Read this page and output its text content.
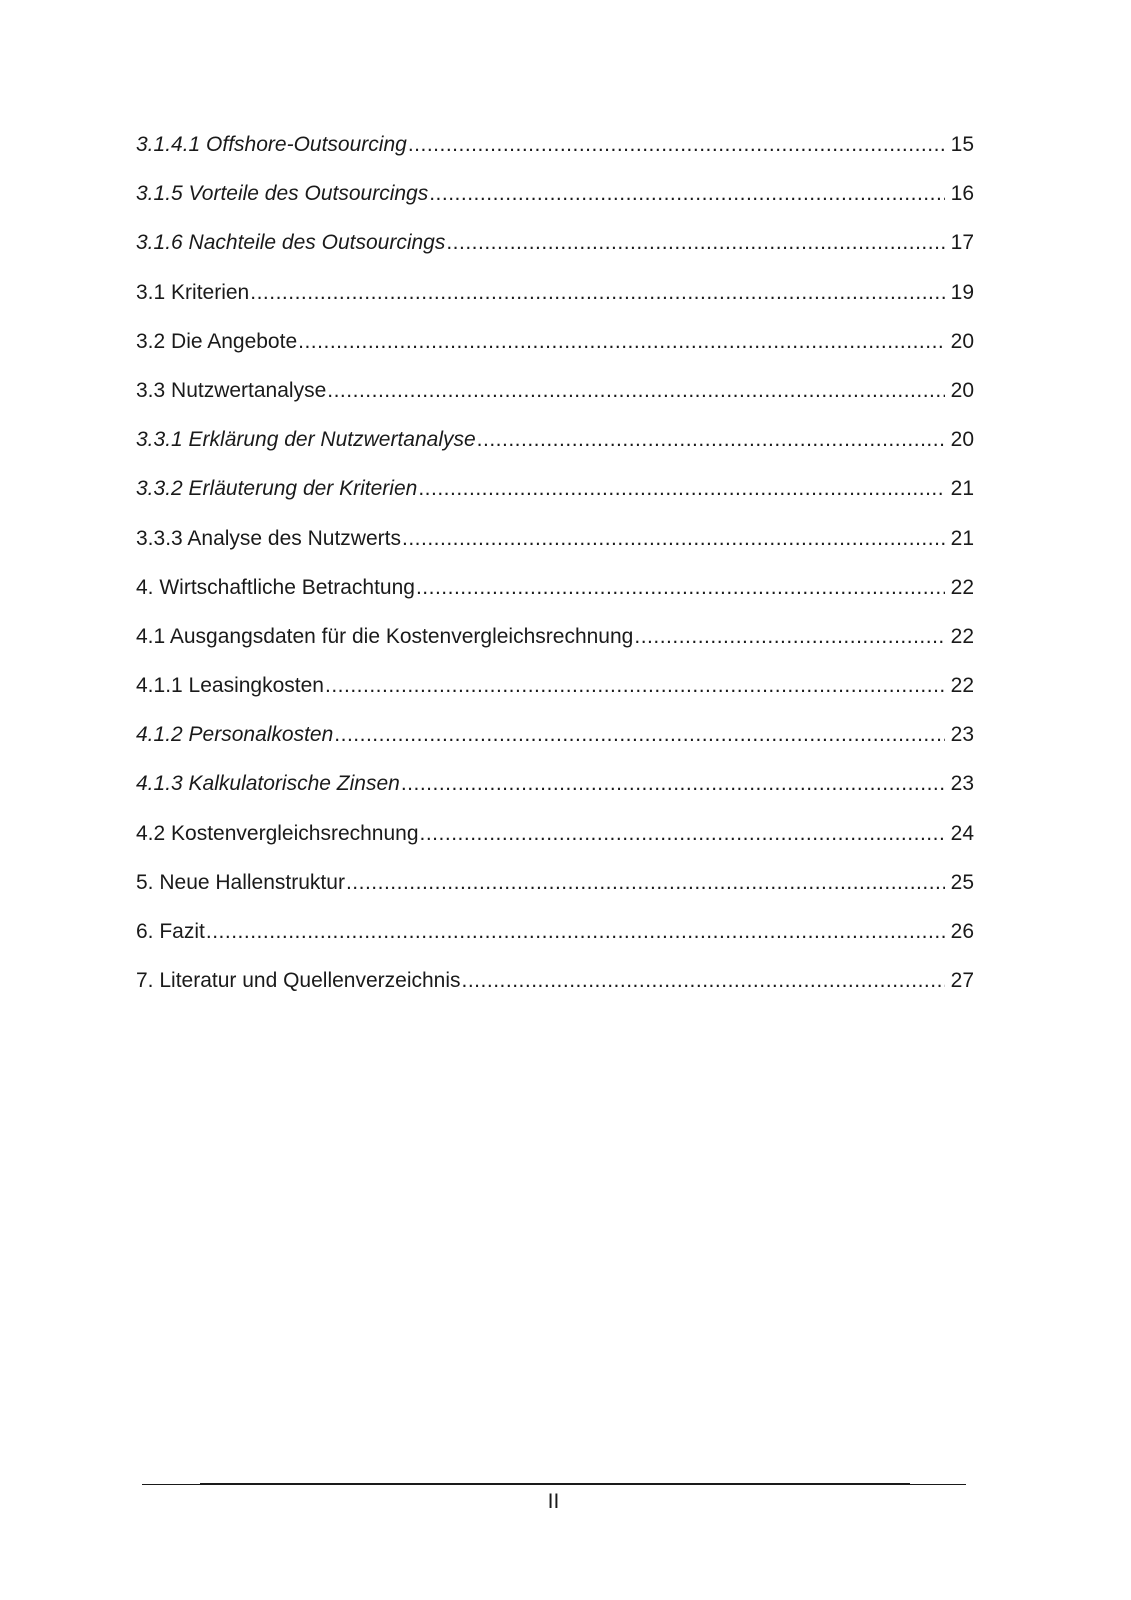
3.1.4.1 Offshore-Outsourcing .....	15
3.1.5 Vorteile des Outsourcings .....	16
3.1.6 Nachteile des Outsourcings .....	17
3.1 Kriterien .....	19
3.2 Die Angebote .....	20
3.3 Nutzwertanalyse .....	20
3.3.1 Erklärung der Nutzwertanalyse .....	20
3.3.2 Erläuterung der Kriterien .....	21
3.3.3 Analyse des Nutzwerts .....	21
4. Wirtschaftliche Betrachtung .....	22
4.1 Ausgangsdaten für die Kostenvergleichsrechnung .....	22
4.1.1 Leasingkosten .....	22
4.1.2 Personalkosten .....	23
4.1.3 Kalkulatorische Zinsen .....	23
4.2 Kostenvergleichsrechnung .....	24
5. Neue Hallenstruktur .....	25
6. Fazit .....	26
7. Literatur und Quellenverzeichnis .....	27
II
